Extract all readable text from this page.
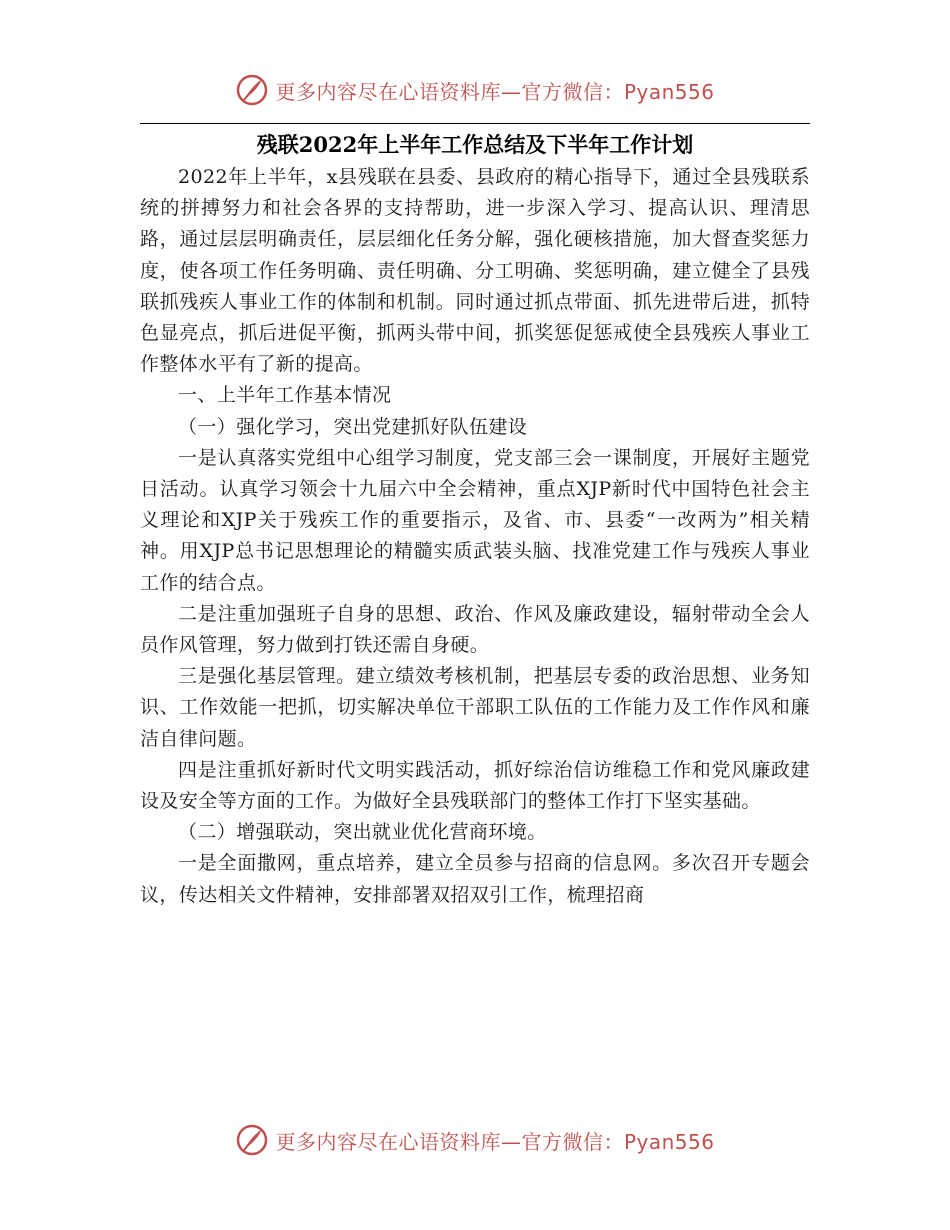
更多内容尽在心语资料库—官方微信：Pyan556
残联2022年上半年工作总结及下半年工作计划

2022年上半年，x县残联在县委、县政府的精心指导下，通过全县残联系统的拼搏努力和社会各界的支持帮助，进一步深入学习、提高认识、理清思路，通过层层明确责任，层层细化任务分解，强化硬核措施，加大督查奖惩力度，使各项工作任务明确、责任明确、分工明确、奖惩明确，建立健全了县残联抓残疾人事业工作的体制和机制。同时通过抓点带面、抓先进带后进，抓特色显亮点，抓后进促平衡，抓两头带中间，抓奖惩促惩戒使全县残疾人事业工作整体水平有了新的提高。

一、上半年工作基本情况

（一）强化学习，突出党建抓好队伍建设

一是认真落实党组中心组学习制度，党支部三会一课制度，开展好主题党日活动。认真学习领会十九届六中全会精神，重点XJP新时代中国特色社会主义理论和XJP关于残疾工作的重要指示，及省、市、县委“一改两为”相关精神。用XJP总书记思想理论的精髓实质武装头脑、找准党建工作与残疾人事业工作的结合点。

二是注重加强班子自身的思想、政治、作风及廉政建设，辐射带动全会人员作风管理，努力做到打铁还需自身硬。

三是强化基层管理。建立绩效考核机制，把基层专委的政治思想、业务知识、工作效能一把抓，切实解决单位干部职工队伍的工作能力及工作作风和廉洁自律问题。

四是注重抓好新时代文明实践活动，抓好综治信访维稳工作和党风廉政建设及安全等方面的工作。为做好全县残联部门的整体工作打下坚实基础。

（二）增强联动，突出就业优化营商环境。

一是全面撒网，重点培养，建立全员参与招商的信息网。多次召开专题会议，传达相关文件精神，安排部署双招双引工作，梳理招商

更多内容尽在心语资料库—官方微信：Pyan556
